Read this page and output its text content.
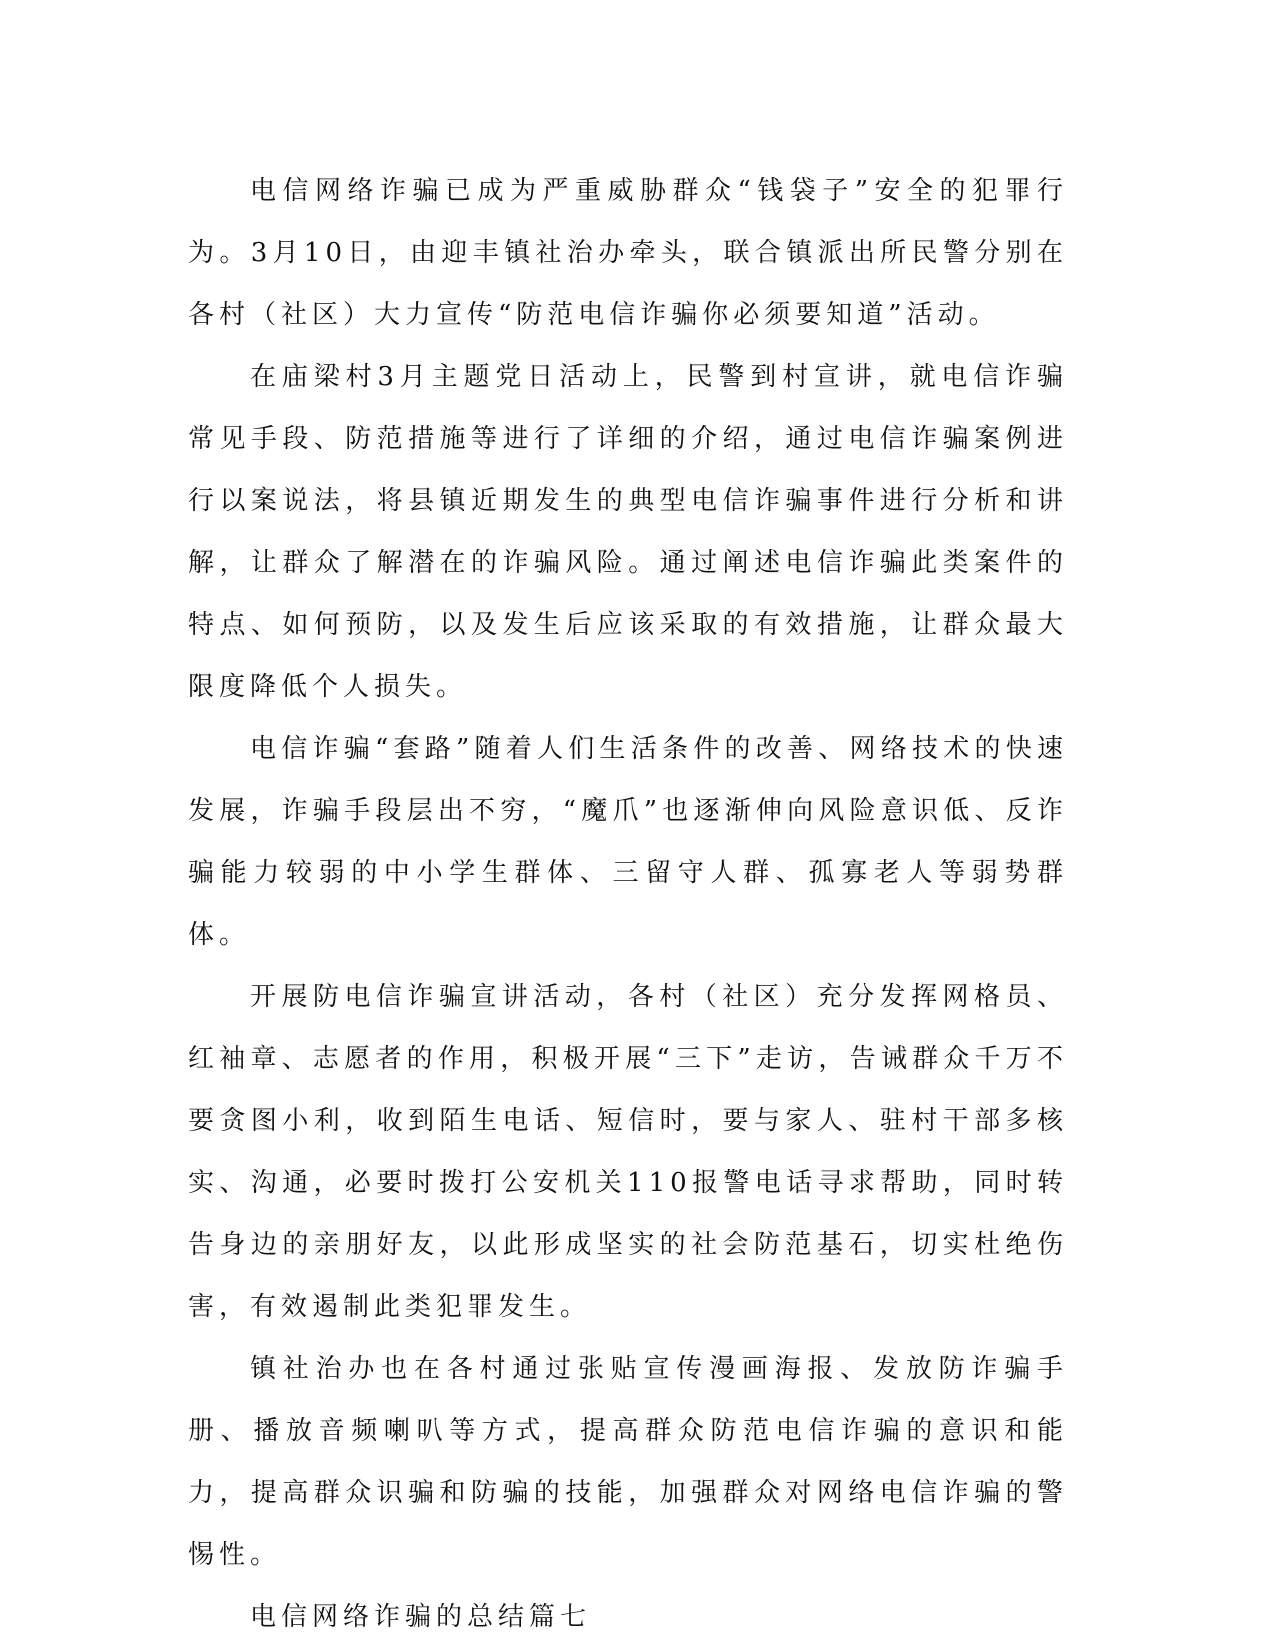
电信网络诈骗已成为严重威胁群众“钱袋子”安全的犯罪行为。3月10日，由迎丰镇社治办牵头，联合镇派出所民警分别在各村（社区）大力宣传“防范电信诈骗你必须要知道”活动。

在庙梁村3月主题党日活动上，民警到村宣讲，就电信诈骗常见手段、防范措施等进行了详细的介绍，通过电信诈骗案例进行以案说法，将县镇近期发生的典型电信诈骗事件进行分析和讲解，让群众了解潜在的诈骗风险。通过阐述电信诈骗此类案件的特点、如何预防，以及发生后应该采取的有效措施，让群众最大限度降低个人损失。

电信诈骗“套路”随着人们生活条件的改善、网络技术的快速发展，诈骗手段层出不穷，“魔爪”也逐渐伸向风险意识低、反诈骗能力较弱的中小学生群体、三留守人群、孤寡老人等弱势群体。

开展防电信诈骗宣讲活动，各村（社区）充分发挥网格员、红袖章、志愿者的作用，积极开展“三下”走访，告诫群众千万不要贪图小利，收到陌生电话、短信时，要与家人、驻村干部多核实、沟通，必要时拨打公安机关110报警电话寻求帮助，同时转告身边的亲朋好友，以此形成坚实的社会防范基石，切实杜绝伤害，有效遏制此类犯罪发生。

镇社治办也在各村通过张贴宣传漫画海报、发放防诈骗手册、播放音频喇叭等方式，提高群众防范电信诈骗的意识和能力，提高群众识骗和防骗的技能，加强群众对网络电信诈骗的警惕性。

电信网络诈骗的总结篇七
